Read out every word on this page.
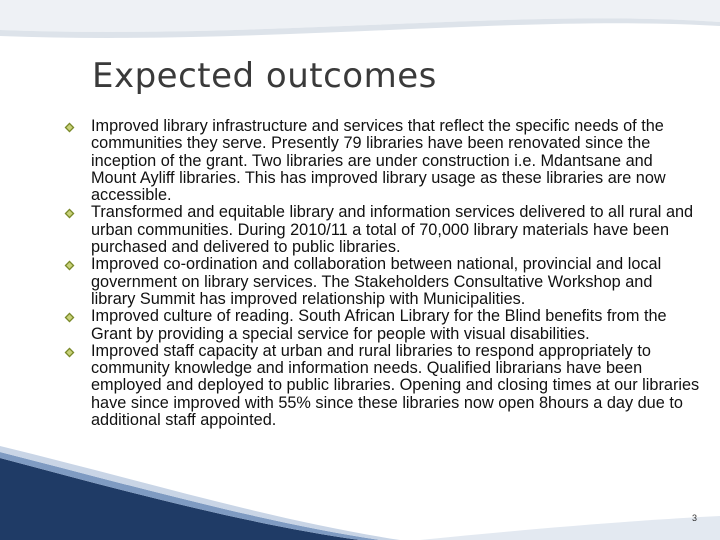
Expected outcomes
Improved library infrastructure and services that reflect the specific needs of the communities they serve. Presently 79 libraries have been renovated since the inception of the grant. Two libraries are under construction i.e. Mdantsane and Mount Ayliff libraries. This has improved library usage as these libraries are now accessible.
Transformed and equitable library and information services delivered to all rural and urban communities. During 2010/11 a total of 70,000 library materials have been purchased and delivered to public libraries.
Improved co-ordination and collaboration between national, provincial and local government on library services. The Stakeholders Consultative Workshop and library Summit has improved relationship with Municipalities.
Improved culture of reading. South African Library for the Blind benefits from the Grant by providing a special service for people with visual disabilities.
Improved staff capacity at urban and rural libraries to respond appropriately to community knowledge and information needs. Qualified librarians have been employed and deployed to public libraries. Opening and closing times at our libraries have since improved with 55% since these libraries now open 8hours a day due to additional staff appointed.
3
